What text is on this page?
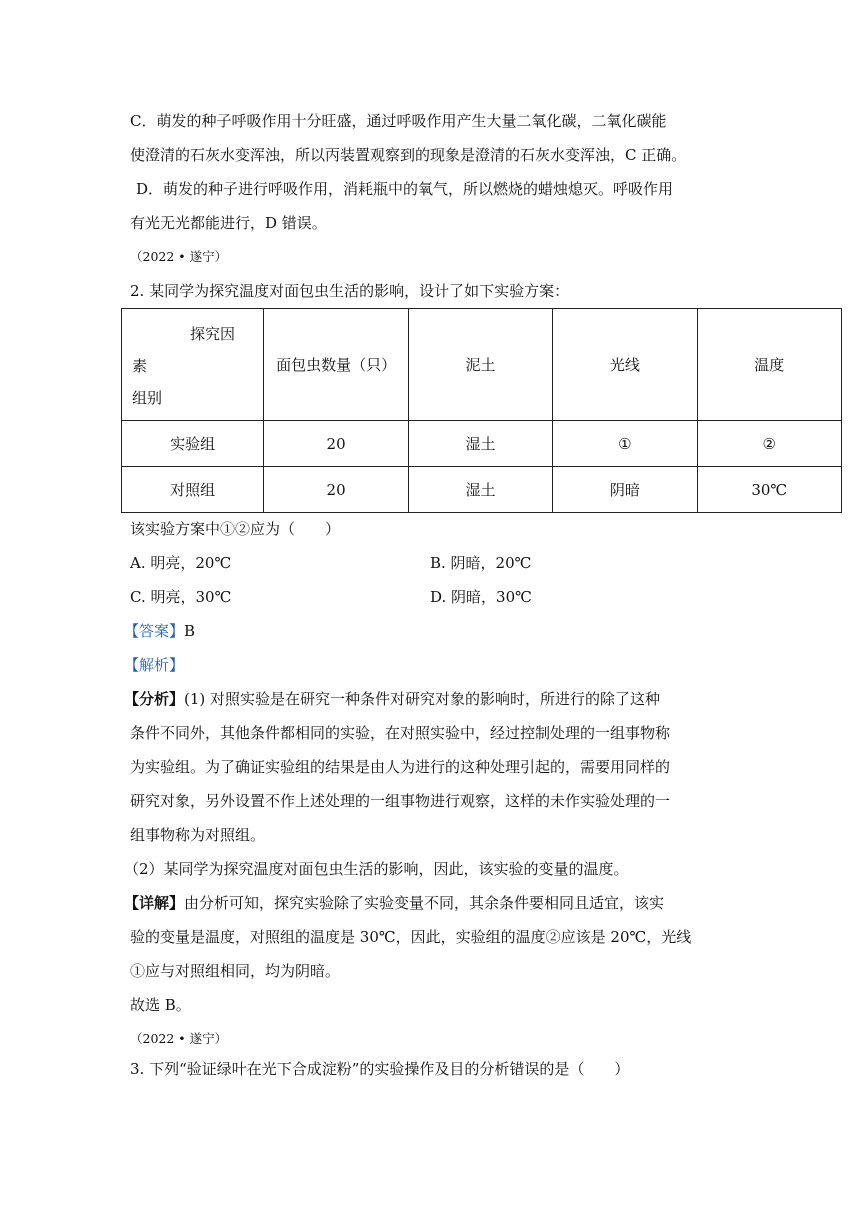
C．萌发的种子呼吸作用十分旺盛，通过呼吸作用产生大量二氧化碳，二氧化碳能
使澄清的石灰水变浑浊，所以丙装置观察到的现象是澄清的石灰水变浑浊，C 正确。
D．萌发的种子进行呼吸作用，消耗瓶中的氧气，所以燃烧的蜡烛熄灭。呼吸作用
有光无光都能进行，D 错误。
（2022 • 遂宁）
2. 某同学为探究温度对面包虫生活的影响，设计了如下实验方案：
探究因
素
组别	面包虫数量（只）	泥土	光线	温度
实验组	20	湿土	①	②
对照组	20	湿土	阴暗	30℃
该实验方案中①②应为（　　）
A. 明亮，20℃	B. 阴暗，20℃
C. 明亮，30℃	D. 阴暗，30℃
【答案】B
【解析】
【分析】(1) 对照实验是在研究一种条件对研究对象的影响时，所进行的除了这种
条件不同外，其他条件都相同的实验，在对照实验中，经过控制处理的一组事物称
为实验组。为了确证实验组的结果是由人为进行的这种处理引起的，需要用同样的
研究对象，另外设置不作上述处理的一组事物进行观察，这样的未作实验处理的一
组事物称为对照组。
（2）某同学为探究温度对面包虫生活的影响，因此，该实验的变量的温度。
【详解】由分析可知，探究实验除了实验变量不同，其余条件要相同且适宜，该实
验的变量是温度，对照组的温度是 30℃，因此，实验组的温度②应该是 20℃，光线
①应与对照组相同，均为阴暗。
故选 B。
（2022 • 遂宁）
3. 下列“验证绿叶在光下合成淀粉”的实验操作及目的分析错误的是（　　）
